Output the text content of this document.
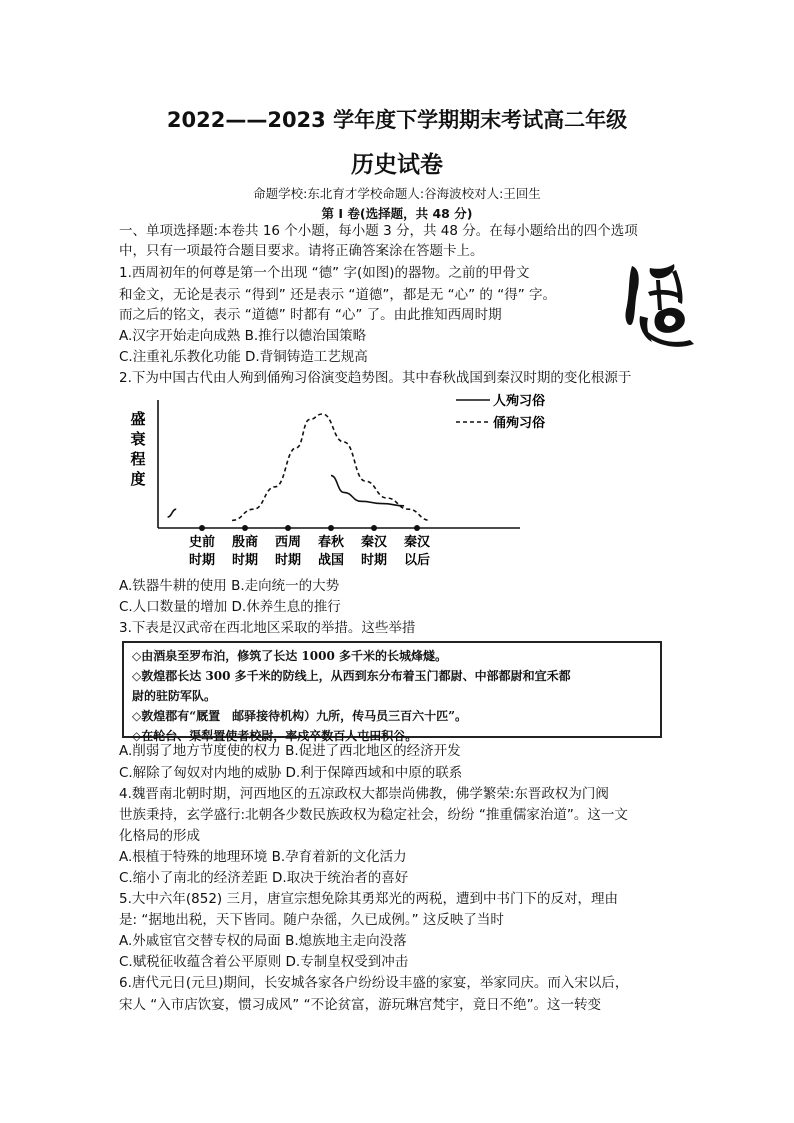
2022——2023 学年度下学期期末考试高二年级
历史试卷
命题学校:东北育才学校命题人:谷海波校对人:王回生
第 I 卷(选择题，共 48 分)
一、单项选择题:本卷共 16 个小题，每小题 3 分，共 48 分。在每小题给出的四个选项
中，只有一项最符合题目要求。请将正确答案涂在答题卡上。
1.西周初年的何尊是第一个出现 “德” 字(如图)的器物。之前的甲骨文
和金文，无论是表示 “得到” 还是表示 “道德”，都是无 “心” 的 “得” 字。
而之后的铭文，表示 “道德” 时都有 “心” 了。由此推知西周时期
A.汉字开始走向成熟 B.推行以德治国策略
C.注重礼乐教化功能 D.背铜铸造工艺规高
2.下为中国古代由人殉到俑殉习俗演变趋势图。其中春秋战国到秦汉时期的变化根源于
盛
衰
程
度
史前
时期
殷商
时期
西周
时期
春秋
战国
秦汉
时期
秦汉
以后
人殉习俗
俑殉习俗
A.铁器牛耕的使用 B.走向统一的大势
C.人口数量的增加 D.休养生息的推行
3.下表是汉武帝在西北地区采取的举措。这些举措
◇由酒泉至罗布泊，修筑了长达 1000 多千米的长城烽燧。
◇敦煌郡长达 300 多千米的防线上，从西到东分布着玉门都尉、中部都尉和宜禾都
尉的驻防军队。
◇敦煌郡有“厩置　邮驿接待机构）九所，传马员三百六十匹”。
◇在轮台、渠犁置使者校尉，率戍卒数百人屯田积谷。
A.削弱了地方节度使的权力 B.促进了西北地区的经济开发
C.解除了匈奴对内地的威胁 D.利于保障西域和中原的联系
4.魏晋南北朝时期，河西地区的五凉政权大都崇尚佛教，佛学繁荣:东晋政权为门阀
世族秉持，玄学盛行:北朝各少数民族政权为稳定社会，纷纷 “推重儒家治道”。这一文
化格局的形成
A.根植于特殊的地理环境 B.孕育着新的文化活力
C.缩小了南北的经济差距 D.取决于统治者的喜好
5.大中六年(852) 三月，唐宣宗想免除其勇郑光的两税，遭到中书门下的反对，理由
是: “据地出税，天下皆同。随户杂徭，久已成例。” 这反映了当时
A.外戚宦官交替专权的局面 B.熄族地主走向没落
C.赋税征收蕴含着公平原则 D.专制皇权受到冲击
6.唐代元日(元旦)期间，长安城各家各户纷纷设丰盛的家宴，举家同庆。而入宋以后，
宋人 “入市店饮宴，惯习成风” “不论贫富，游玩琳宫梵宇，竟日不绝”。这一转变
